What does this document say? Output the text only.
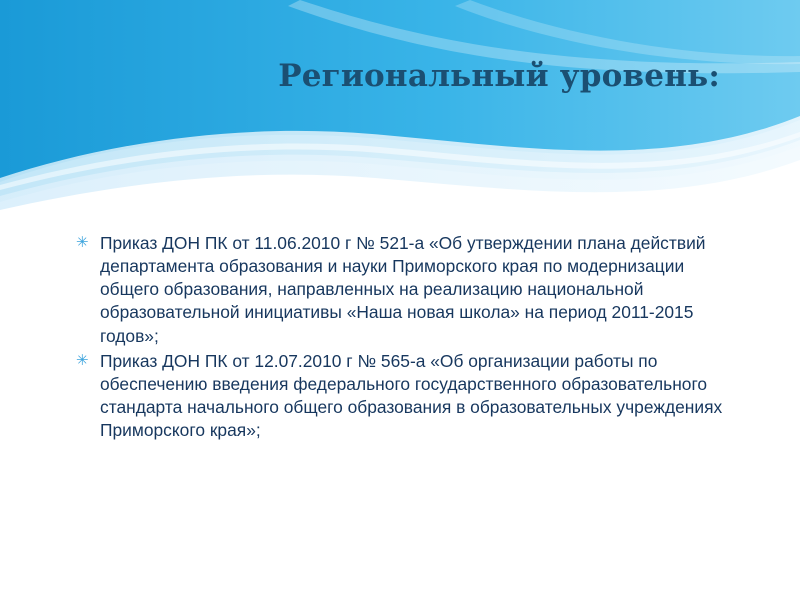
Региональный уровень:
✳ Приказ ДОН ПК от 11.06.2010 г № 521-а «Об утверждении плана действий департамента образования и науки Приморского края по модернизации общего образования, направленных на реализацию национальной образовательной инициативы «Наша новая школа» на период 2011-2015 годов»;
✳ Приказ ДОН ПК от 12.07.2010 г № 565-а «Об организации работы по обеспечению введения федерального государственного образовательного стандарта начального общего образования в образовательных учреждениях Приморского края»;
